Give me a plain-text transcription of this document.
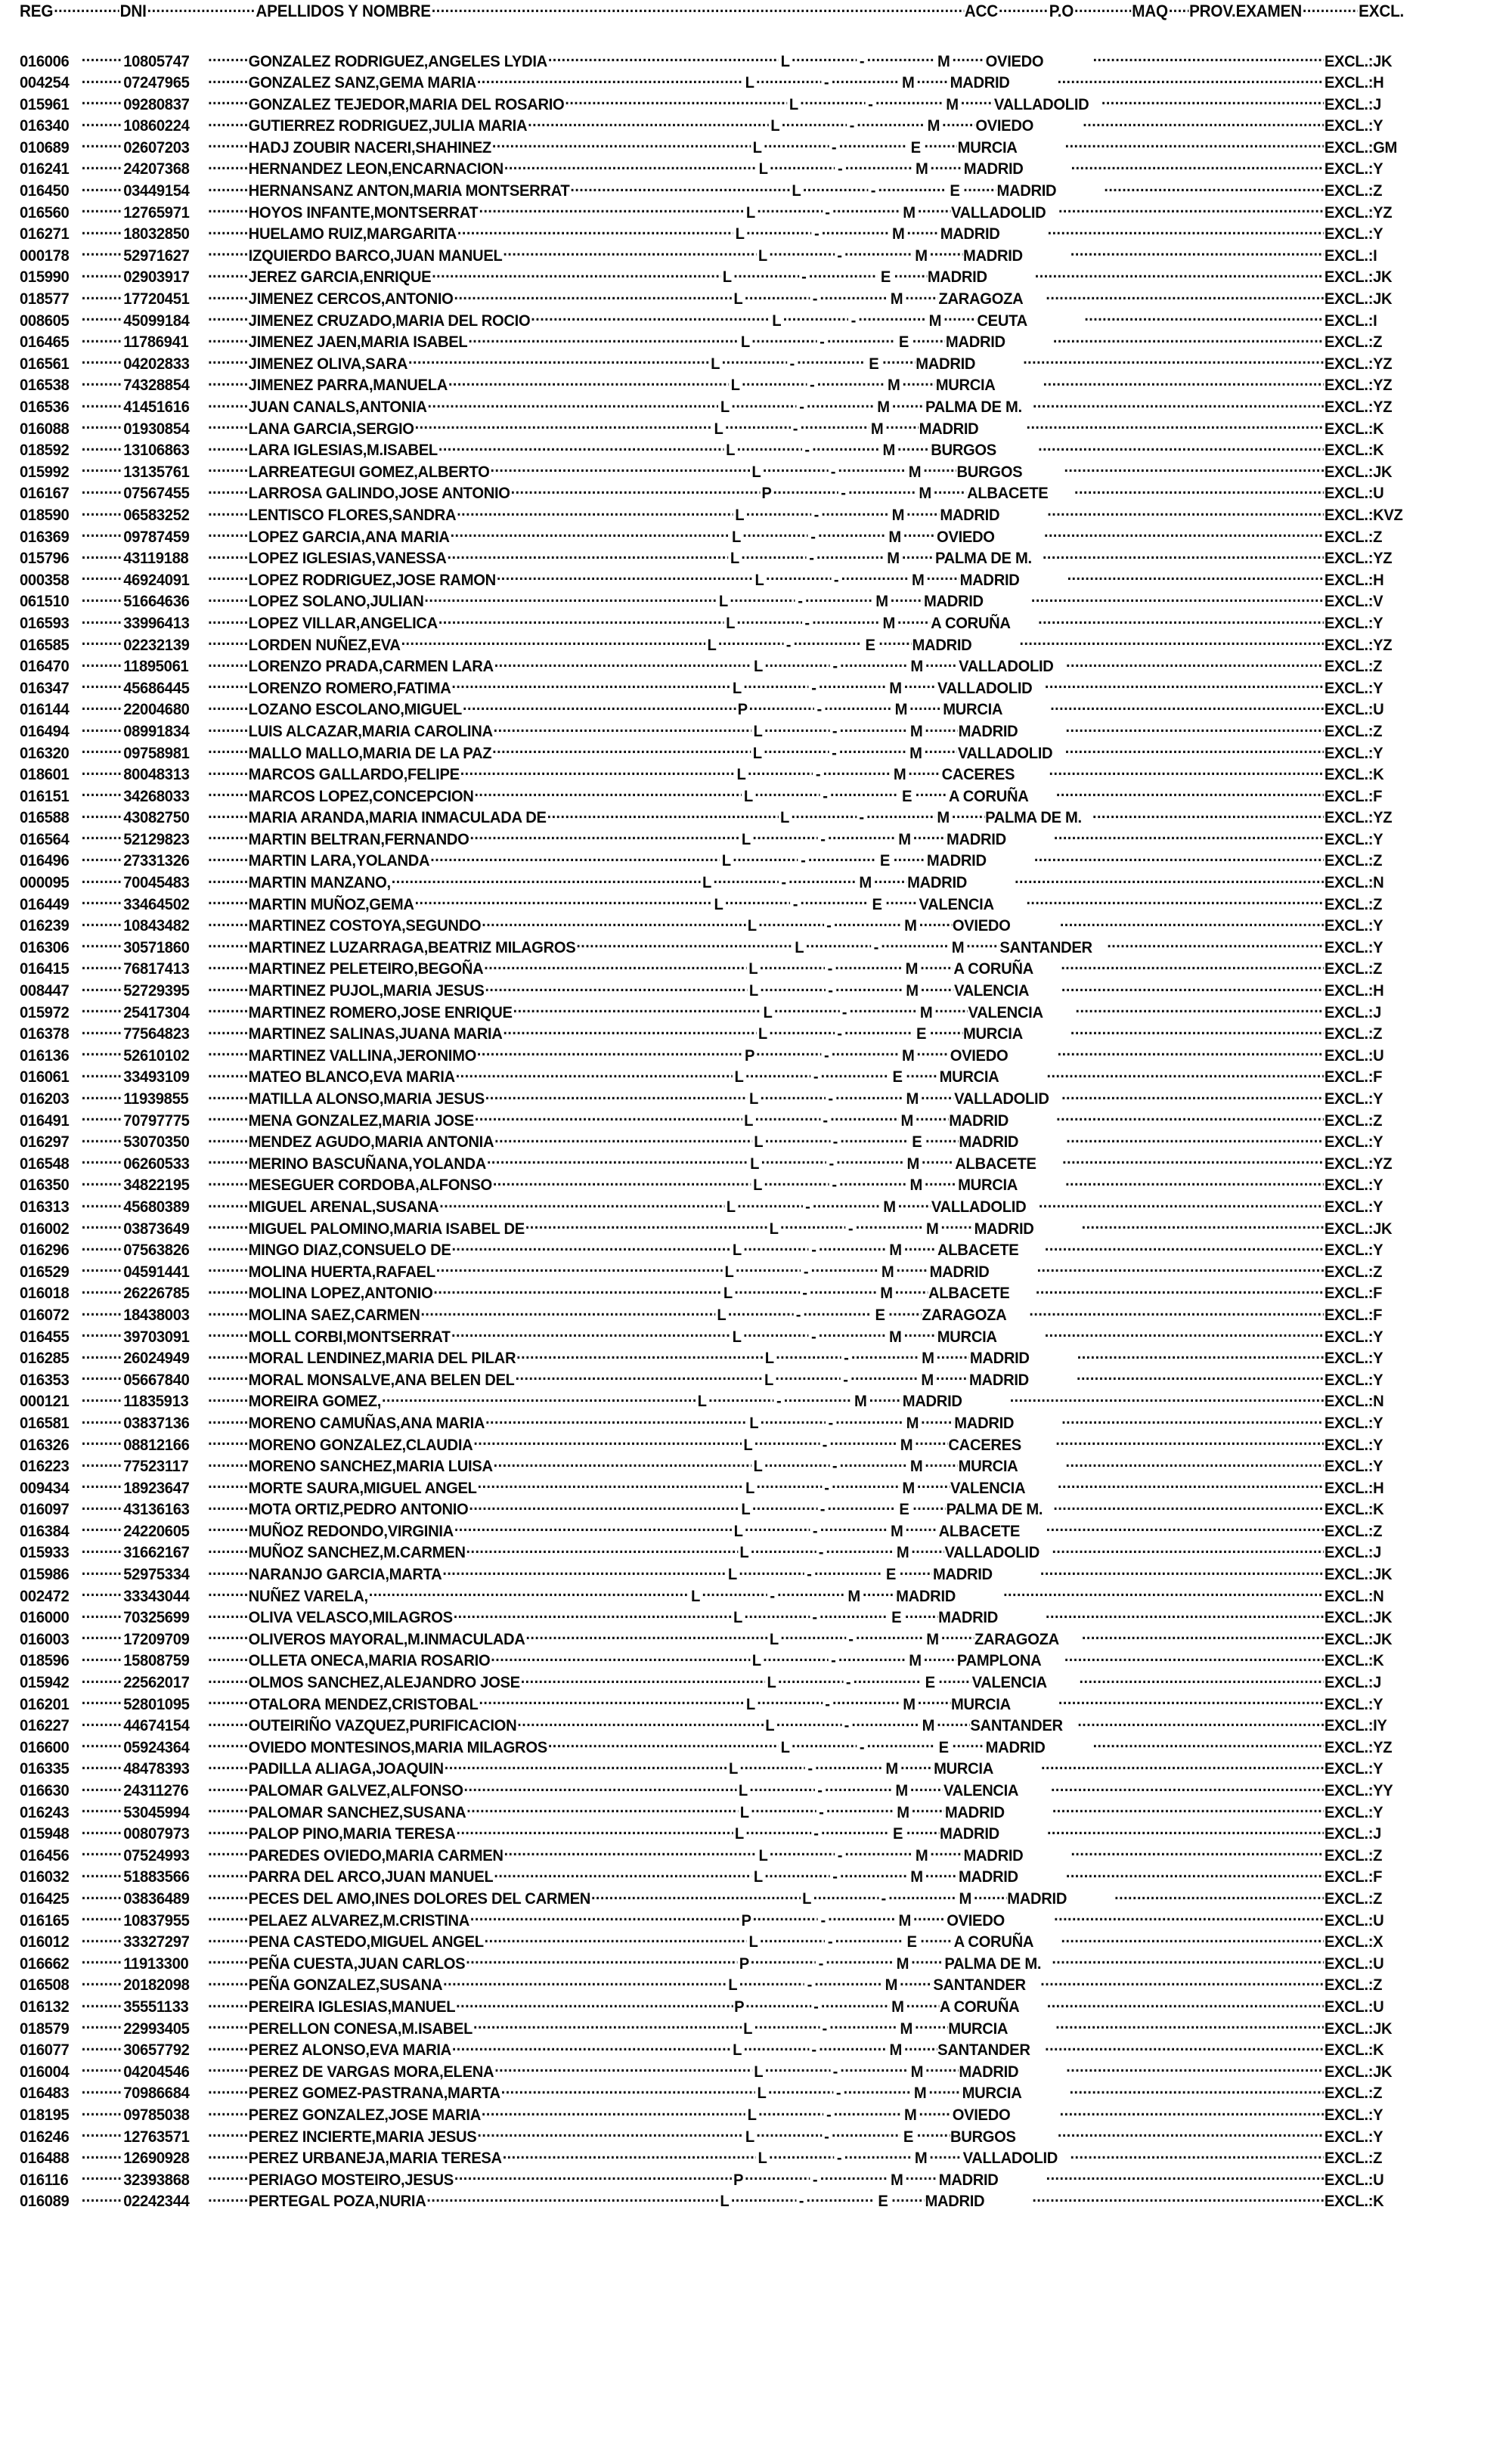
REG
.....	DNI
.....	APELLIDOS Y NOMBRE
.....	ACC
.....	P.O
.....	MAQ
..... PROV.EXAMEN
.....	EXCL.
016006
.....	10805747
.....	GONZALEZ RODRIGUEZ,ANGELES LYDIA
.....	L
.....	-
.....	M
..... OVIEDO
.....	EXCL.:JK
004254
.....	07247965
.....	GONZALEZ SANZ,GEMA MARIA
.....	L
.....	-
.....	M
..... MADRID
.....	EXCL.:H
015961
.....	09280837
.....	GONZALEZ TEJEDOR,MARIA DEL ROSARIO
.....	L
.....	-
.....	M
..... VALLADOLID
.....	EXCL.:J
016340
.....	10860224
.....	GUTIERREZ RODRIGUEZ,JULIA MARIA
.....	L
.....	-
.....	M
..... OVIEDO
.....	EXCL.:Y
010689
.....	02607203
.....	HADJ ZOUBIR NACERI,SHAHINEZ
.....	L
.....	-
.....	E
..... MURCIA
.....	EXCL.:GM
016241
.....	24207368
.....	HERNANDEZ LEON,ENCARNACION
.....	L
.....	-
.....	M
..... MADRID
.....	EXCL.:Y
016450
.....	03449154
.....	HERNANSANZ ANTON,MARIA MONTSERRAT
.....	L
.....	-
.....	E
..... MADRID
.....	EXCL.:Z
016560
.....	12765971
.....	HOYOS INFANTE,MONTSERRAT
.....	L
.....	-
.....	M
..... VALLADOLID
.....	EXCL.:YZ
016271
.....	18032850
.....	HUELAMO RUIZ,MARGARITA
.....	L
.....	-
.....	M
..... MADRID
.....	EXCL.:Y
000178
.....	52971627
.....	IZQUIERDO BARCO,JUAN MANUEL
.....	L
.....	-
.....	M
..... MADRID
.....	EXCL.:I
015990
.....	02903917
.....	JEREZ GARCIA,ENRIQUE
.....	L
.....	-
.....	E
..... MADRID
.....	EXCL.:JK
018577
.....	17720451
.....	JIMENEZ CERCOS,ANTONIO
.....	L
.....	-
.....	M
..... ZARAGOZA
.....	EXCL.:JK
008605
.....	45099184
.....	JIMENEZ CRUZADO,MARIA DEL ROCIO
.....	L
.....	-
.....	M
..... CEUTA
.....	EXCL.:I
016465
.....	11786941
.....	JIMENEZ JAEN,MARIA ISABEL
.....	L
.....	-
.....	E
..... MADRID
.....	EXCL.:Z
016561
.....	04202833
.....	JIMENEZ OLIVA,SARA
.....	L
.....	-
.....	E
..... MADRID
.....	EXCL.:YZ
016538
.....	74328854
.....	JIMENEZ PARRA,MANUELA
.....	L
.....	-
.....	M
..... MURCIA
.....	EXCL.:YZ
016536
.....	41451616
.....	JUAN CANALS,ANTONIA
.....	L
.....	-
.....	M
..... PALMA DE M.
.....	EXCL.:YZ
016088
.....	01930854
.....	LANA GARCIA,SERGIO
.....	L
.....	-
.....	M
..... MADRID
.....	EXCL.:K
018592
.....	13106863
.....	LARA IGLESIAS,M.ISABEL
.....	L
.....	-
.....	M
..... BURGOS
.....	EXCL.:K
015992
.....	13135761
.....	LARREATEGUI GOMEZ,ALBERTO
.....	L
.....	-
.....	M
..... BURGOS
.....	EXCL.:JK
016167
.....	07567455
.....	LARROSA GALINDO,JOSE ANTONIO
.....	P
.....	-
.....	M
..... ALBACETE
.....	EXCL.:U
018590
.....	06583252
.....	LENTISCO FLORES,SANDRA
.....	L
.....	-
.....	M
..... MADRID
.....	EXCL.:KVZ
016369
.....	09787459
.....	LOPEZ GARCIA,ANA MARIA
.....	L
.....	-
.....	M
..... OVIEDO
.....	EXCL.:Z
015796
.....	43119188
.....	LOPEZ IGLESIAS,VANESSA
.....	L
.....	-
.....	M
..... PALMA DE M.
.....	EXCL.:YZ
000358
.....	46924091
.....	LOPEZ RODRIGUEZ,JOSE RAMON
.....	L
.....	-
.....	M
..... MADRID
.....	EXCL.:H
061510
.....	51664636
.....	LOPEZ SOLANO,JULIAN
.....	L
.....	-
.....	M
..... MADRID
.....	EXCL.:V
016593
.....	33996413
.....	LOPEZ VILLAR,ANGELICA
.....	L
.....	-
.....	M
..... A CORUÑA
.....	EXCL.:Y
016585
.....	02232139
.....	LORDEN NUÑEZ,EVA
.....	L
.....	-
.....	E
..... MADRID
.....	EXCL.:YZ
016470
.....	11895061
.....	LORENZO PRADA,CARMEN LARA
.....	L
.....	-
.....	M
..... VALLADOLID
.....	EXCL.:Z
016347
.....	45686445
.....	LORENZO ROMERO,FATIMA
.....	L
.....	-
.....	M
..... VALLADOLID
.....	EXCL.:Y
016144
.....	22004680
.....	LOZANO ESCOLANO,MIGUEL
.....	P
.....	-
.....	M
..... MURCIA
.....	EXCL.:U
016494
.....	08991834
.....	LUIS ALCAZAR,MARIA CAROLINA
.....	L
.....	-
.....	M
..... MADRID
.....	EXCL.:Z
016320
.....	09758981
.....	MALLO MALLO,MARIA DE LA PAZ
.....	L
.....	-
.....	M
..... VALLADOLID
.....	EXCL.:Y
018601
.....	80048313
.....	MARCOS GALLARDO,FELIPE
.....	L
.....	-
.....	M
..... CACERES
.....	EXCL.:K
016151
.....	34268033
.....	MARCOS LOPEZ,CONCEPCION
.....	L
.....	-
.....	E
..... A CORUÑA
.....	EXCL.:F
016588
.....	43082750
.....	MARIA ARANDA,MARIA INMACULADA DE
.....	L
.....	-
.....	M
..... PALMA DE M.
.....	EXCL.:YZ
016564
.....	52129823
.....	MARTIN BELTRAN,FERNANDO
.....	L
.....	-
.....	M
..... MADRID
.....	EXCL.:Y
016496
.....	27331326
.....	MARTIN LARA,YOLANDA
.....	L
.....	-
.....	E
..... MADRID
.....	EXCL.:Z
000095
.....	70045483
.....	MARTIN MANZANO,
.....	L
.....	-
.....	M
..... MADRID
.....	EXCL.:N
016449
.....	33464502
.....	MARTIN MUÑOZ,GEMA
.....	L
.....	-
.....	E
..... VALENCIA
.....	EXCL.:Z
016239
.....	10843482
.....	MARTINEZ COSTOYA,SEGUNDO
.....	L
.....	-
.....	M
..... OVIEDO
.....	EXCL.:Y
016306
.....	30571860
.....	MARTINEZ LUZARRAGA,BEATRIZ MILAGROS
.....	L
.....	-
.....	M
..... SANTANDER
.....	EXCL.:Y
016415
.....	76817413
.....	MARTINEZ PELETEIRO,BEGOÑA
.....	L
.....	-
.....	M
..... A CORUÑA
.....	EXCL.:Z
008447
.....	52729395
.....	MARTINEZ PUJOL,MARIA JESUS
.....	L
.....	-
.....	M
..... VALENCIA
.....	EXCL.:H
015972
.....	25417304
.....	MARTINEZ ROMERO,JOSE ENRIQUE
.....	L
.....	-
.....	M
..... VALENCIA
.....	EXCL.:J
016378
.....	77564823
.....	MARTINEZ SALINAS,JUANA MARIA
.....	L
.....	-
.....	E
..... MURCIA
.....	EXCL.:Z
016136
.....	52610102
.....	MARTINEZ VALLINA,JERONIMO
.....	P
.....	-
.....	M
..... OVIEDO
.....	EXCL.:U
016061
.....	33493109
.....	MATEO BLANCO,EVA MARIA
.....	L
.....	-
.....	E
..... MURCIA
.....	EXCL.:F
016203
.....	11939855
.....	MATILLA ALONSO,MARIA JESUS
.....	L
.....	-
.....	M
..... VALLADOLID
.....	EXCL.:Y
016491
.....	70797775
.....	MENA GONZALEZ,MARIA JOSE
.....	L
.....	-
.....	M
..... MADRID
.....	EXCL.:Z
016297
.....	53070350
.....	MENDEZ AGUDO,MARIA ANTONIA
.....	L
.....	-
.....	E
..... MADRID
.....	EXCL.:Y
016548
.....	06260533
.....	MERINO BASCUÑANA,YOLANDA
.....	L
.....	-
.....	M
..... ALBACETE
.....	EXCL.:YZ
016350
.....	34822195
.....	MESEGUER CORDOBA,ALFONSO
.....	L
.....	-
.....	M
..... MURCIA
.....	EXCL.:Y
016313
.....	45680389
.....	MIGUEL ARENAL,SUSANA
.....	L
.....	-
.....	M
..... VALLADOLID
.....	EXCL.:Y
016002
.....	03873649
.....	MIGUEL PALOMINO,MARIA ISABEL DE
.....	L
.....	-
.....	M
..... MADRID
.....	EXCL.:JK
016296
.....	07563826
.....	MINGO DIAZ,CONSUELO DE
.....	L
.....	-
.....	M
..... ALBACETE
.....	EXCL.:Y
016529
.....	04591441
.....	MOLINA HUERTA,RAFAEL
.....	L
.....	-
.....	M
..... MADRID
.....	EXCL.:Z
016018
.....	26226785
.....	MOLINA LOPEZ,ANTONIO
.....	L
.....	-
.....	M
..... ALBACETE
.....	EXCL.:F
016072
.....	18438003
.....	MOLINA SAEZ,CARMEN
.....	L
.....	-
.....	E
..... ZARAGOZA
.....	EXCL.:F
016455
.....	39703091
.....	MOLL CORBI,MONTSERRAT
.....	L
.....	-
.....	M
..... MURCIA
.....	EXCL.:Y
016285
.....	26024949
.....	MORAL LENDINEZ,MARIA DEL PILAR
.....	L
.....	-
.....	M
..... MADRID
.....	EXCL.:Y
016353
.....	05667840
.....	MORAL MONSALVE,ANA BELEN DEL
.....	L
.....	-
.....	M
..... MADRID
.....	EXCL.:Y
000121
.....	11835913
.....	MOREIRA GOMEZ,
.....	L
.....	-
.....	M
..... MADRID
.....	EXCL.:N
016581
.....	03837136
.....	MORENO CAMUÑAS,ANA MARIA
.....	L
.....	-
.....	M
..... MADRID
.....	EXCL.:Y
016326
.....	08812166
.....	MORENO GONZALEZ,CLAUDIA
.....	L
.....	-
.....	M
..... CACERES
.....	EXCL.:Y
016223
.....	77523117
.....	MORENO SANCHEZ,MARIA LUISA
.....	L
.....	-
.....	M
..... MURCIA
.....	EXCL.:Y
009434
.....	18923647
.....	MORTE SAURA,MIGUEL ANGEL
.....	L
.....	-
.....	M
..... VALENCIA
.....	EXCL.:H
016097
.....	43136163
.....	MOTA ORTIZ,PEDRO ANTONIO
.....	L
.....	-
.....	E
..... PALMA DE M.
.....	EXCL.:K
016384
.....	24220605
.....	MUÑOZ REDONDO,VIRGINIA
.....	L
.....	-
.....	M
..... ALBACETE
.....	EXCL.:Z
015933
.....	31662167
.....	MUÑOZ SANCHEZ,M.CARMEN
.....	L
.....	-
.....	M
..... VALLADOLID
.....	EXCL.:J
015986
.....	52975334
.....	NARANJO GARCIA,MARTA
.....	L
.....	-
.....	E
..... MADRID
.....	EXCL.:JK
002472
.....	33343044
.....	NUÑEZ VARELA,
.....	L
.....	-
.....	M
..... MADRID
.....	EXCL.:N
016000
.....	70325699
.....	OLIVA VELASCO,MILAGROS
.....	L
.....	-
.....	E
..... MADRID
.....	EXCL.:JK
016003
.....	17209709
.....	OLIVEROS MAYORAL,M.INMACULADA
.....	L
.....	-
.....	M
..... ZARAGOZA
.....	EXCL.:JK
018596
.....	15808759
.....	OLLETA ONECA,MARIA ROSARIO
.....	L
.....	-
.....	M
..... PAMPLONA
.....	EXCL.:K
015942
.....	22562017
.....	OLMOS SANCHEZ,ALEJANDRO JOSE
.....	L
.....	-
.....	E
..... VALENCIA
.....	EXCL.:J
016201
.....	52801095
.....	OTALORA MENDEZ,CRISTOBAL
.....	L
.....	-
.....	M
..... MURCIA
.....	EXCL.:Y
016227
.....	44674154
.....	OUTEIRIÑO VAZQUEZ,PURIFICACION
.....	L
.....	-
.....	M
..... SANTANDER
.....	EXCL.:IY
016600
.....	05924364
.....	OVIEDO MONTESINOS,MARIA MILAGROS
.....	L
.....	-
.....	E
..... MADRID
.....	EXCL.:YZ
016335
.....	48478393
.....	PADILLA ALIAGA,JOAQUIN
.....	L
.....	-
.....	M
..... MURCIA
.....	EXCL.:Y
016630
.....	24311276
.....	PALOMAR GALVEZ,ALFONSO
.....	L
.....	-
.....	M
..... VALENCIA
.....	EXCL.:YY
016243
.....	53045994
.....	PALOMAR SANCHEZ,SUSANA
.....	L
.....	-
.....	M
..... MADRID
.....	EXCL.:Y
015948
.....	00807973
.....	PALOP PINO,MARIA TERESA
.....	L
.....	-
.....	E
..... MADRID
.....	EXCL.:J
016456
.....	07524993
.....	PAREDES OVIEDO,MARIA CARMEN
.....	L
.....	-
.....	M
..... MADRID
.....	EXCL.:Z
016032
.....	51883566
.....	PARRA DEL ARCO,JUAN MANUEL
.....	L
.....	-
.....	M
..... MADRID
.....	EXCL.:F
016425
.....	03836489
.....	PECES DEL AMO,INES DOLORES DEL CARMEN
.....	L
.....	-
.....	M
..... MADRID
.....	EXCL.:Z
016165
.....	10837955
.....	PELAEZ ALVAREZ,M.CRISTINA
.....	P
.....	-
.....	M
..... OVIEDO
.....	EXCL.:U
016012
.....	33327297
.....	PENA CASTEDO,MIGUEL ANGEL
.....	L
.....	-
.....	E
..... A CORUÑA
.....	EXCL.:X
016662
.....	11913300
.....	PEÑA CUESTA,JUAN CARLOS
.....	P
.....	-
.....	M
..... PALMA DE M.
.....	EXCL.:U
016508
.....	20182098
.....	PEÑA GONZALEZ,SUSANA
.....	L
.....	-
.....	M
..... SANTANDER
.....	EXCL.:Z
016132
.....	35551133
.....	PEREIRA IGLESIAS,MANUEL
.....	P
.....	-
.....	M
..... A CORUÑA
.....	EXCL.:U
018579
.....	22993405
.....	PERELLON CONESA,M.ISABEL
.....	L
.....	-
.....	M
..... MURCIA
.....	EXCL.:JK
016077
.....	30657792
.....	PEREZ ALONSO,EVA MARIA
.....	L
.....	-
.....	M
..... SANTANDER
.....	EXCL.:K
016004
.....	04204546
.....	PEREZ DE VARGAS MORA,ELENA
.....	L
.....	-
.....	M
..... MADRID
.....	EXCL.:JK
016483
.....	70986684
.....	PEREZ GOMEZ-PASTRANA,MARTA
.....	L
.....	-
.....	M
..... MURCIA
.....	EXCL.:Z
018195
.....	09785038
.....	PEREZ GONZALEZ,JOSE MARIA
.....	L
.....	-
.....	M
..... OVIEDO
.....	EXCL.:Y
016246
.....	12763571
.....	PEREZ INCIERTE,MARIA JESUS
.....	L
.....	-
.....	E
..... BURGOS
.....	EXCL.:Y
016488
.....	12690928
.....	PEREZ URBANEJA,MARIA TERESA
.....	L
.....	-
.....	M
..... VALLADOLID
.....	EXCL.:Z
016116
.....	32393868
.....	PERIAGO MOSTEIRO,JESUS
.....	P
.....	-
.....	M
..... MADRID
.....	EXCL.:U
016089
.....	02242344
.....	PERTEGAL POZA,NURIA
.....	L
.....	-
.....	E
..... MADRID
.....	EXCL.:K
